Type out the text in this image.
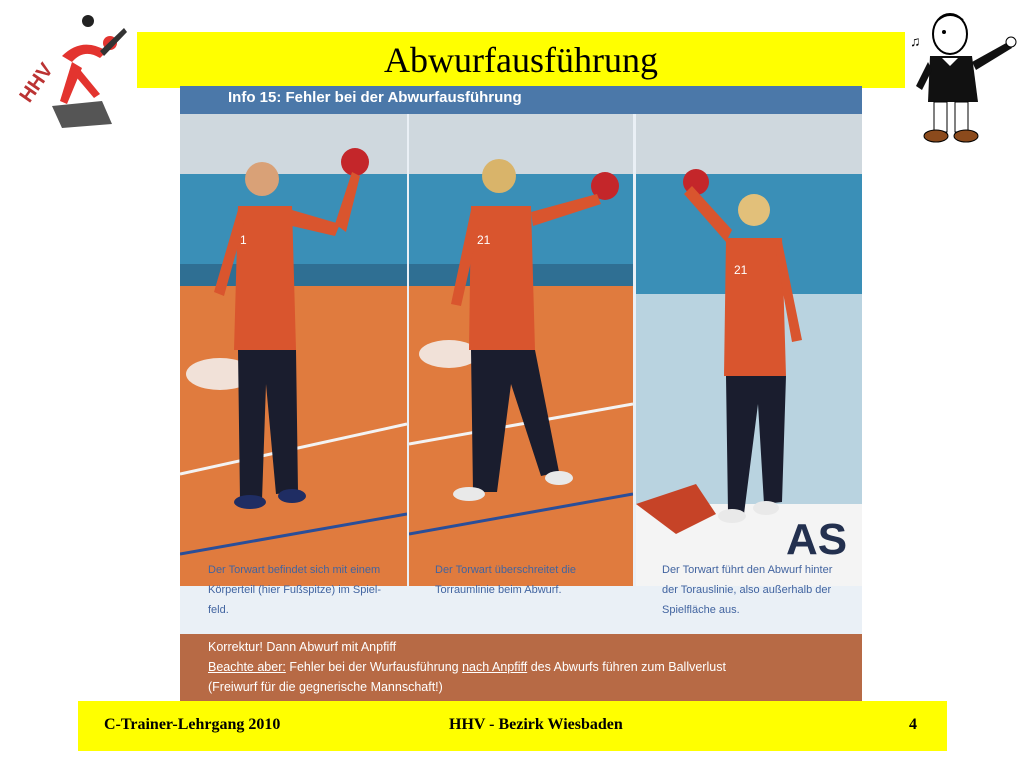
HHV	Abwurfausführung	♫
Info 15: Fehler bei der Abwurfausführung
1	21
AS
21
Der Torwart befindet sich mit einem
Körperteil (hier Fußspitze) im Spiel-
feld.
Der Torwart überschreitet die
Torraumlinie beim Abwurf.
Der Torwart führt den Abwurf hinter
der Torauslinie, also außerhalb der
Spielfläche aus.
Korrektur! Dann Abwurf mit Anpfiff
Beachte aber: Fehler bei der Wurfausführung nach Anpfiff des Abwurfs führen zum Ballverlust
(Freiwurf für die gegnerische Mannschaft!)
C-Trainer-Lehrgang 2010	HHV - Bezirk Wiesbaden	4
